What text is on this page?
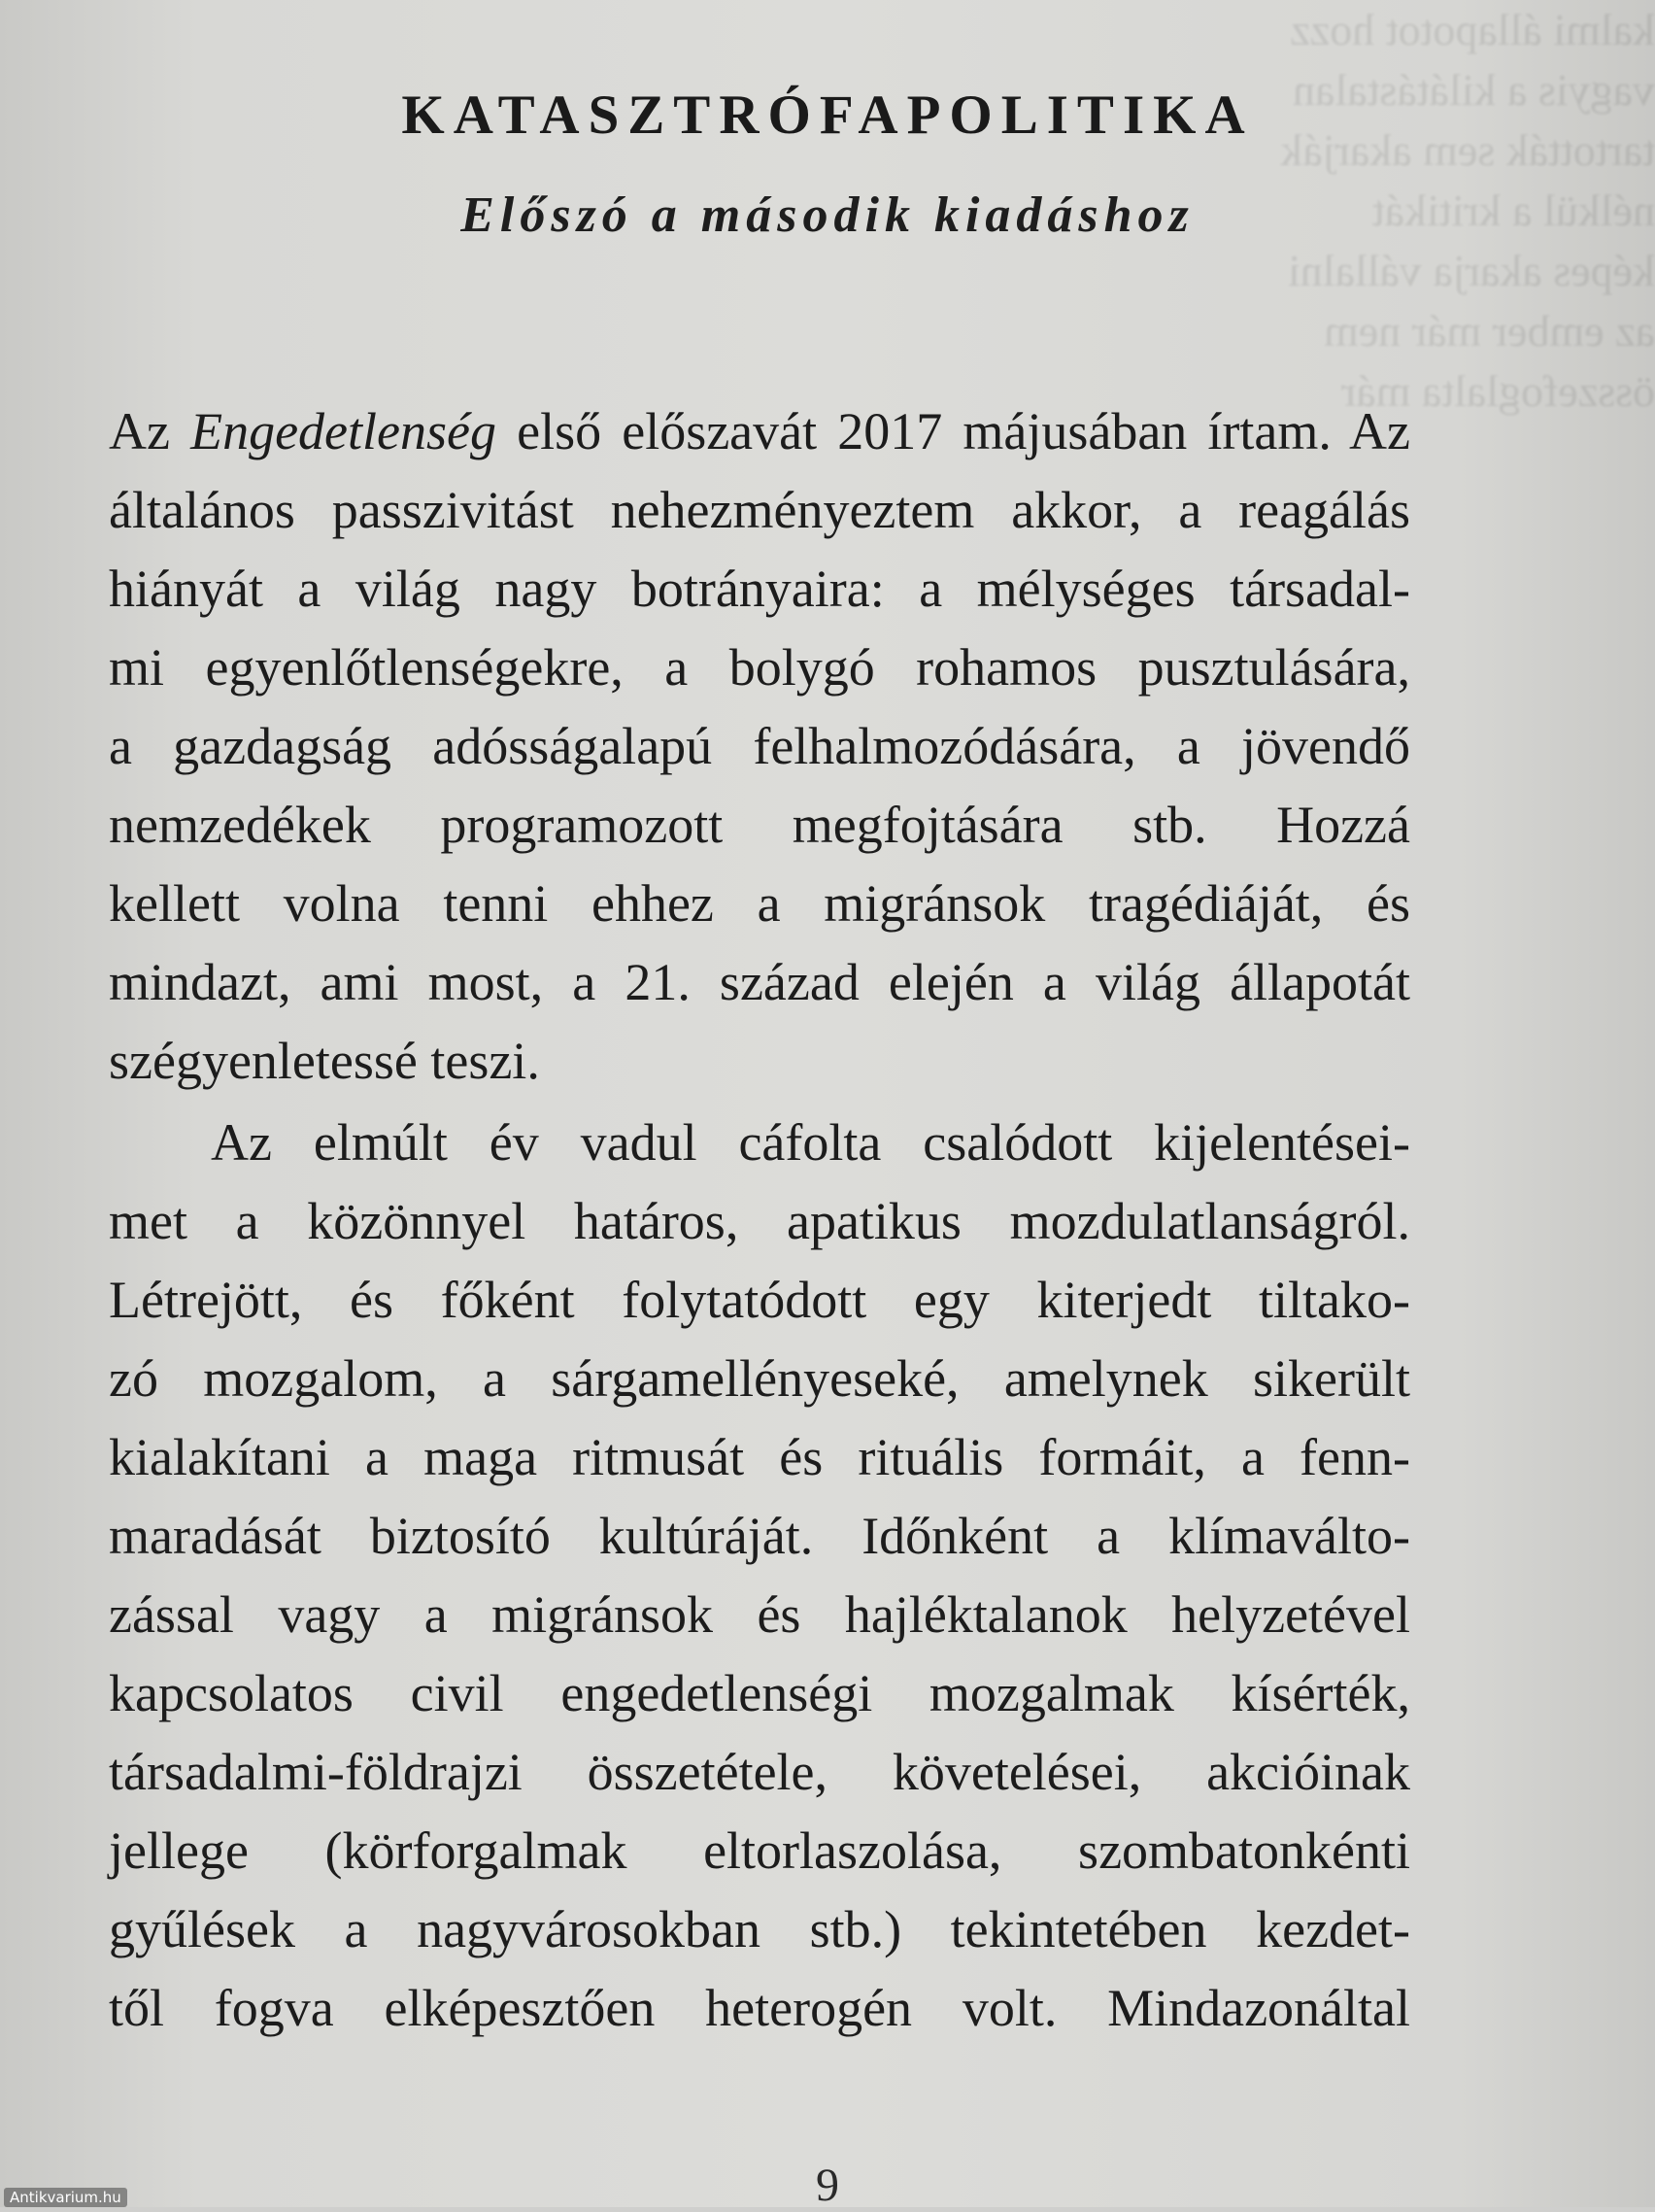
kalmi állapotot hozz
vagyis a kilátástalan
tartották sem akarják
nélkül a kritikát
képes akarja vállalni
az ember már nem
összefoglalta már
KATASZTRÓFAPOLITIKA
Előszó a második kiadáshoz
Az Engedetlenség első előszavát 2017 májusában írtam. Az
általános passzivitást nehezményeztem akkor, a reagálás
hiányát a világ nagy botrányaira: a mélységes társadal-
mi egyenlőtlenségekre, a bolygó rohamos pusztulására,
a gazdagság adósságalapú felhalmozódására, a jövendő
nemzedékek programozott megfojtására stb. Hozzá
kellett volna tenni ehhez a migránsok tragédiáját, és
mindazt, ami most, a 21. század elején a világ állapotát
szégyenletessé teszi.
Az elmúlt év vadul cáfolta csalódott kijelentései-
met a közönnyel határos, apatikus mozdulatlanságról.
Létrejött, és főként folytatódott egy kiterjedt tiltako-
zó mozgalom, a sárgamellényeseké, amelynek sikerült
kialakítani a maga ritmusát és rituális formáit, a fenn-
maradását biztosító kultúráját. Időnként a klímaválto-
zással vagy a migránsok és hajléktalanok helyzetével
kapcsolatos civil engedetlenségi mozgalmak kísérték,
társadalmi-földrajzi összetétele, követelései, akcióinak
jellege (körforgalmak eltorlaszolása, szombatonkénti
gyűlések a nagyvárosokban stb.) tekintetében kezdet-
től fogva elképesztően heterogén volt. Mindazonáltal
9
Antikvarium.hu
